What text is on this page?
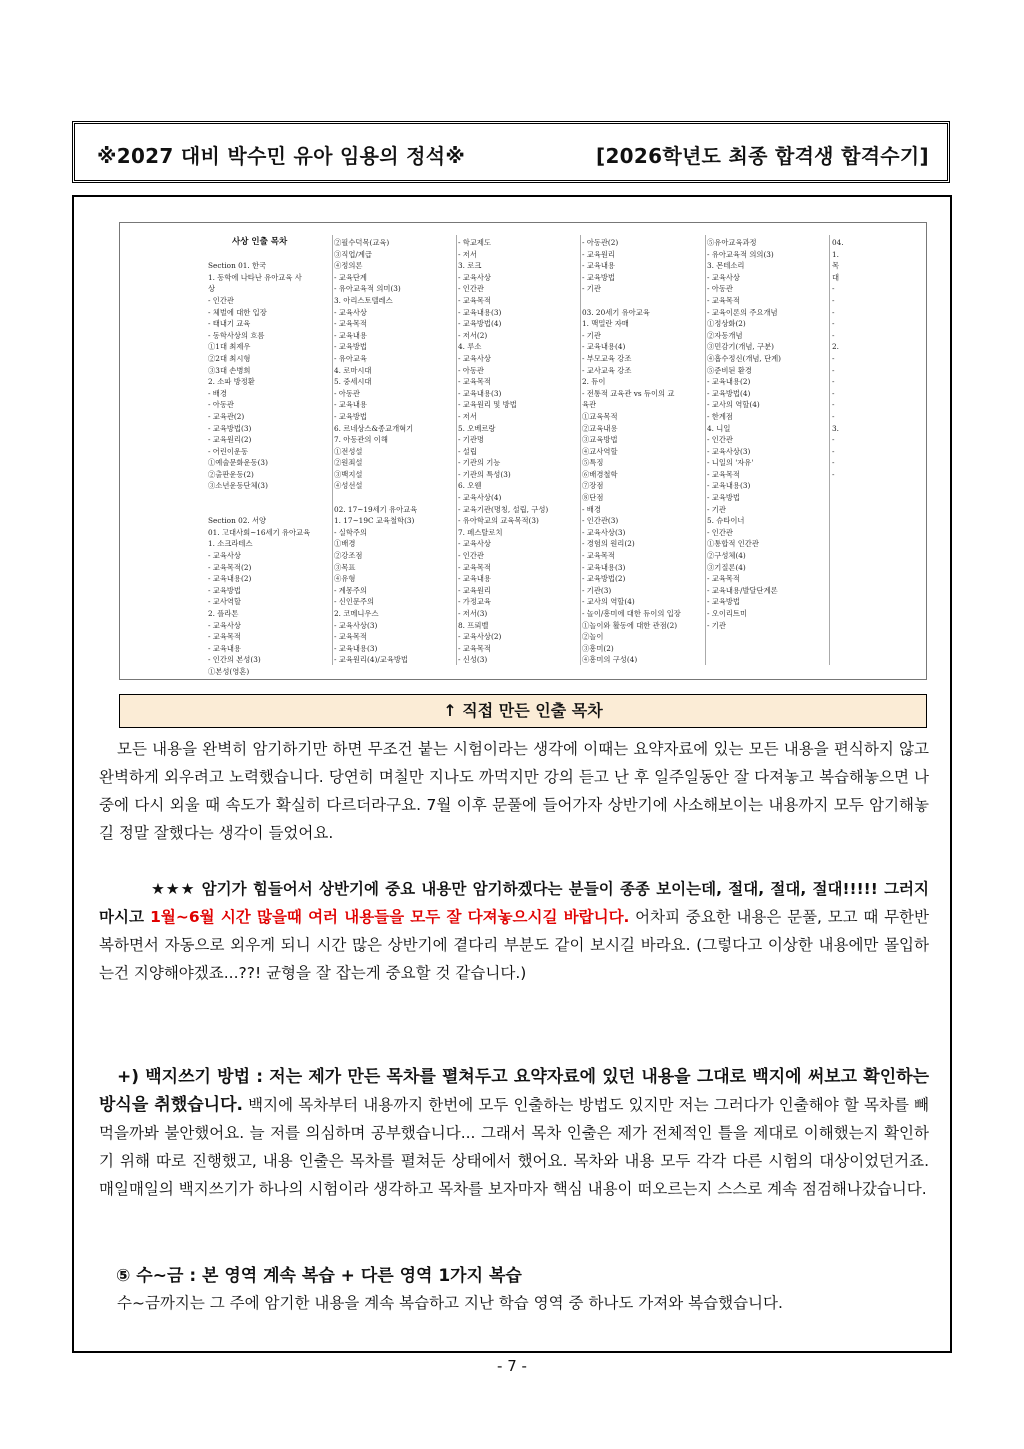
※2027 대비 박수민 유아 임용의 정석※	[2026학년도 최종 합격생 합격수기]
사상 인출 목차
Section 01. 한국
1. 동학에 나타난 유아교육 사
상
- 인간관
- 체벌에 대한 입장
- 태내기 교육
- 동학사상의 흐름
①1대 최제우
②2대 최시형
③3대 손병희
2. 소파 방정환
- 배경
- 아동관
- 교육관(2)
- 교육방법(3)
- 교육원리(2)
- 어린이운동
①예술문화운동(3)
②출판운동(2)
③소년운동단체(3)
Section 02. 서양
01. 고대사회~16세기 유아교육
1. 소크라테스
- 교육사상
- 교육목적(2)
- 교육내용(2)
- 교육방법
- 교사역할
2. 플라톤
- 교육사상
- 교육목적
- 교육내용
- 인간의 본성(3)
①본성(영혼)
②필수덕목(교육)
③직업/계급
④정의론
- 교육단계
- 유아교육적 의미(3)
3. 아리스토텔레스
- 교육사상
- 교육목적
- 교육내용
- 교육방법
- 유아교육
4. 로마시대
5. 중세시대
- 아동관
- 교육내용
- 교육방법
6. 르네상스&종교개혁기
7. 아동관의 이해
①전성설
②원죄설
③백지설
④성선설
02. 17~19세기 유아교육
1. 17~19C 교육철학(3)
- 실학주의
①배경
②강조점
③목표
④유형
- 계몽주의
- 신인문주의
2. 코메니우스
- 교육사상(3)
- 교육목적
- 교육내용(3)
- 교육원리(4)/교육방법
- 학교제도
- 저서
3. 로크
- 교육사상
- 인간관
- 교육목적
- 교육내용(3)
- 교육방법(4)
- 저서(2)
4. 루소
- 교육사상
- 아동관
- 교육목적
- 교육내용(3)
- 교육원리 및 방법
- 저서
5. 오베르랑
- 기관명
- 설립
- 기관의 기능
- 기관의 특성(3)
6. 오웬
- 교육사상(4)
- 교육기관(명칭, 설립, 구성)
- 유아학교의 교육목적(3)
7. 페스탈로치
- 교육사상
- 인간관
- 교육목적
- 교육내용
- 교육원리
- 가정교육
- 저서(3)
8. 프뢰벨
- 교육사상(2)
- 교육목적
- 신성(3)
- 아동관(2)
- 교육원리
- 교육내용
- 교육방법
- 기관
03. 20세기 유아교육
1. 맥밀란 자매
- 기관
- 교육내용(4)
- 부모교육 강조
- 교사교육 강조
2. 듀이
- 전통적 교육관 vs 듀이의 교
육관
①교육목적
②교육내용
③교육방법
④교사역할
⑤특징
⑥배경철학
⑦장점
⑧단점
- 배경
- 인간관(3)
- 교육사상(3)
- 경험의 원리(2)
- 교육목적
- 교육내용(3)
- 교육방법(2)
- 기관(3)
- 교사의 역할(4)
- 놀이/흥미에 대한 듀이의 입장
①놀이와 활동에 대한 관점(2)
②놀이
③흥미(2)
④흥미의 구성(4)
⑤유아교육과정
- 유아교육적 의의(3)
3. 몬테소리
- 교육사상
- 아동관
- 교육목적
- 교육이론의 주요개념
①정상화(2)
②자동개념
③민감기(개념, 구분)
④흡수정신(개념, 단계)
⑤준비된 환경
- 교육내용(2)
- 교육방법(4)
- 교사의 역할(4)
- 한계점
4. 니일
- 인간관
- 교육사상(3)
- 니일의 '자유'
- 교육목적
- 교육내용(3)
- 교육방법
- 기관
5. 슈타이너
- 인간관
①통합적 인간관
②구성체(4)
③기질론(4)
- 교육목적
- 교육내용/발달단계론
- 교육방법
- 오이리트미
- 기관
04.
1.
목
대
-
-
-
-
-
2.
-
-
-
-
-
-
3.
-
-
-
-
↑ 직접 만든 인출 목차
모든 내용을 완벽히 암기하기만 하면 무조건 붙는 시험이라는 생각에 이때는 요약자료에 있는 모든 내용을 편식하지 않고 완벽하게 외우려고 노력했습니다. 당연히 며칠만 지나도 까먹지만 강의 듣고 난 후 일주일동안 잘 다져놓고 복습해놓으면 나중에 다시 외울 때 속도가 확실히 다르더라구요. 7월 이후 문풀에 들어가자 상반기에 사소해보이는 내용까지 모두 암기해놓길 정말 잘했다는 생각이 들었어요.
★★★ 암기가 힘들어서 상반기에 중요 내용만 암기하겠다는 분들이 종종 보이는데, 절대, 절대, 절대!!!!! 그러지 마시고 1월~6월 시간 많을때 여러 내용들을 모두 잘 다져놓으시길 바랍니다. 어차피 중요한 내용은 문풀, 모고 때 무한반복하면서 자동으로 외우게 되니 시간 많은 상반기에 곁다리 부분도 같이 보시길 바라요. (그렇다고 이상한 내용에만 몰입하는건 지양해야겠죠...??! 균형을 잘 잡는게 중요할 것 같습니다.)
+) 백지쓰기 방법 : 저는 제가 만든 목차를 펼쳐두고 요약자료에 있던 내용을 그대로 백지에 써보고 확인하는 방식을 취했습니다. 백지에 목차부터 내용까지 한번에 모두 인출하는 방법도 있지만 저는 그러다가 인출해야 할 목차를 빼먹을까봐 불안했어요. 늘 저를 의심하며 공부했습니다... 그래서 목차 인출은 제가 전체적인 틀을 제대로 이해했는지 확인하기 위해 따로 진행했고, 내용 인출은 목차를 펼쳐둔 상태에서 했어요. 목차와 내용 모두 각각 다른 시험의 대상이었던거죠. 매일매일의 백지쓰기가 하나의 시험이라 생각하고 목차를 보자마자 핵심 내용이 떠오르는지 스스로 계속 점검해나갔습니다.
⑤ 수~금 : 본 영역 계속 복습 + 다른 영역 1가지 복습
수~금까지는 그 주에 암기한 내용을 계속 복습하고 지난 학습 영역 중 하나도 가져와 복습했습니다.
- 7 -
